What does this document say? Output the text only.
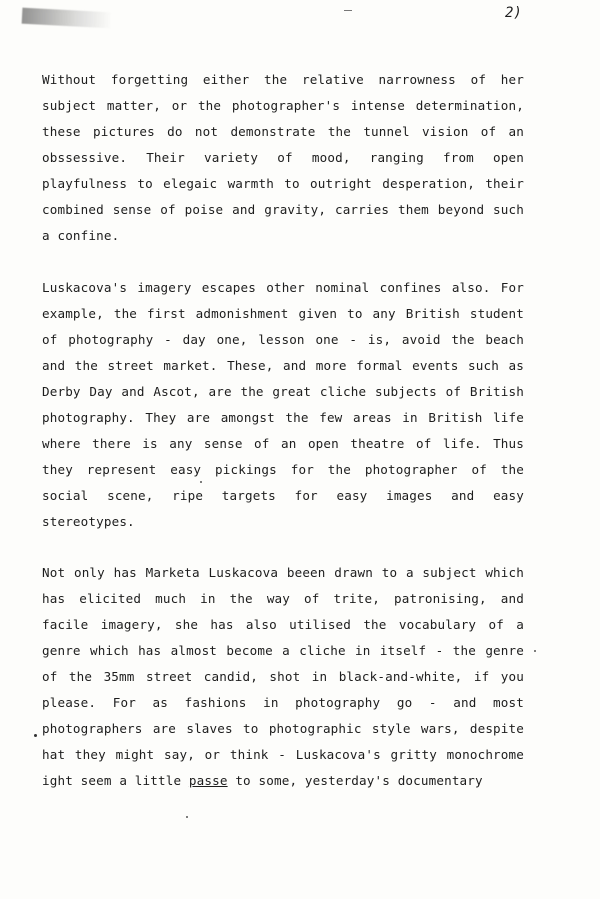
2)
Without forgetting either the relative narrowness of her
subject matter, or the photographer's intense determination,
these pictures do not demonstrate the tunnel vision of an
obssessive. Their variety of mood, ranging from open
playfulness to elegaic warmth to outright desperation, their
combined sense of poise and gravity, carries them beyond such
a confine.
Luskacova's imagery escapes other nominal confines also. For
example, the first admonishment given to any British student
of photography - day one, lesson one - is, avoid the beach
and the street market. These, and more formal events such as
Derby Day and Ascot, are the great cliche subjects of British
photography. They are amongst the few areas in British life
where there is any sense of an open theatre of life. Thus
they represent easy pickings for the photographer of the
social scene, ripe targets for easy images and easy
stereotypes.
Not only has Marketa Luskacova beeen drawn to a subject which
has elicited much in the way of trite, patronising, and
facile imagery, she has also utilised the vocabulary of a
genre which has almost become a cliche in itself - the genre
of the 35mm street candid, shot in black-and-white, if you
please. For as fashions in photography go - and most
photographers are slaves to photographic style wars, despite
hat they might say, or think - Luskacova's gritty monochrome
ight seem a little passe to some, yesterday's documentary
